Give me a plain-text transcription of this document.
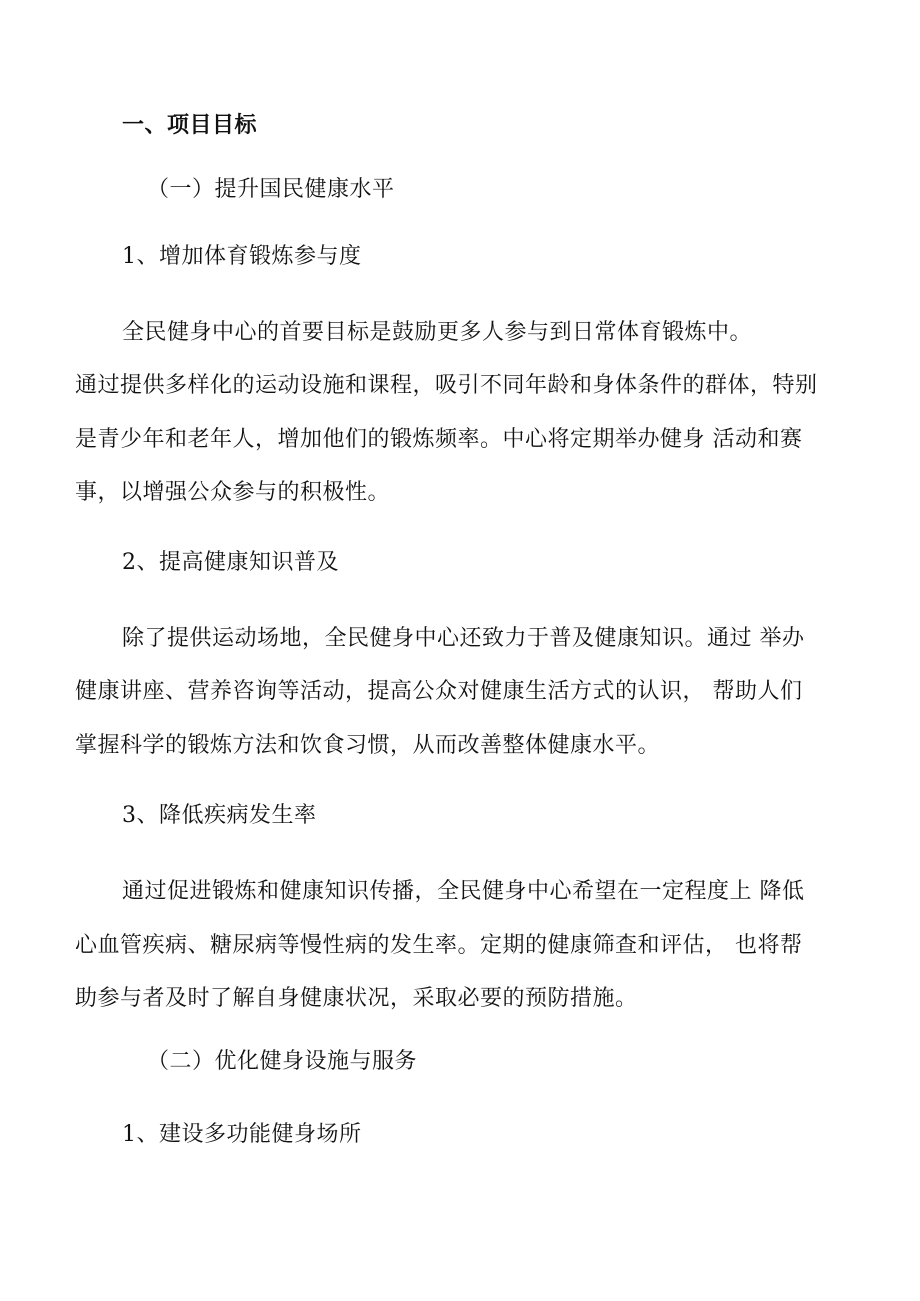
一、项目目标
（一）提升国民健康水平
1、增加体育锻炼参与度
全民健身中心的首要目标是鼓励更多人参与到日常体育锻炼中。
通过提供多样化的运动设施和课程，吸引不同年龄和身体条件的群体，特别
是青少年和老年人，增加他们的锻炼频率。中心将定期举办健身 活动和赛
事，以增强公众参与的积极性。
2、提高健康知识普及
除了提供运动场地，全民健身中心还致力于普及健康知识。通过 举办
健康讲座、营养咨询等活动，提高公众对健康生活方式的认识， 帮助人们
掌握科学的锻炼方法和饮食习惯，从而改善整体健康水平。
3、降低疾病发生率
通过促进锻炼和健康知识传播，全民健身中心希望在一定程度上 降低
心血管疾病、糖尿病等慢性病的发生率。定期的健康筛查和评估， 也将帮
助参与者及时了解自身健康状况，采取必要的预防措施。
（二）优化健身设施与服务
1、建设多功能健身场所
